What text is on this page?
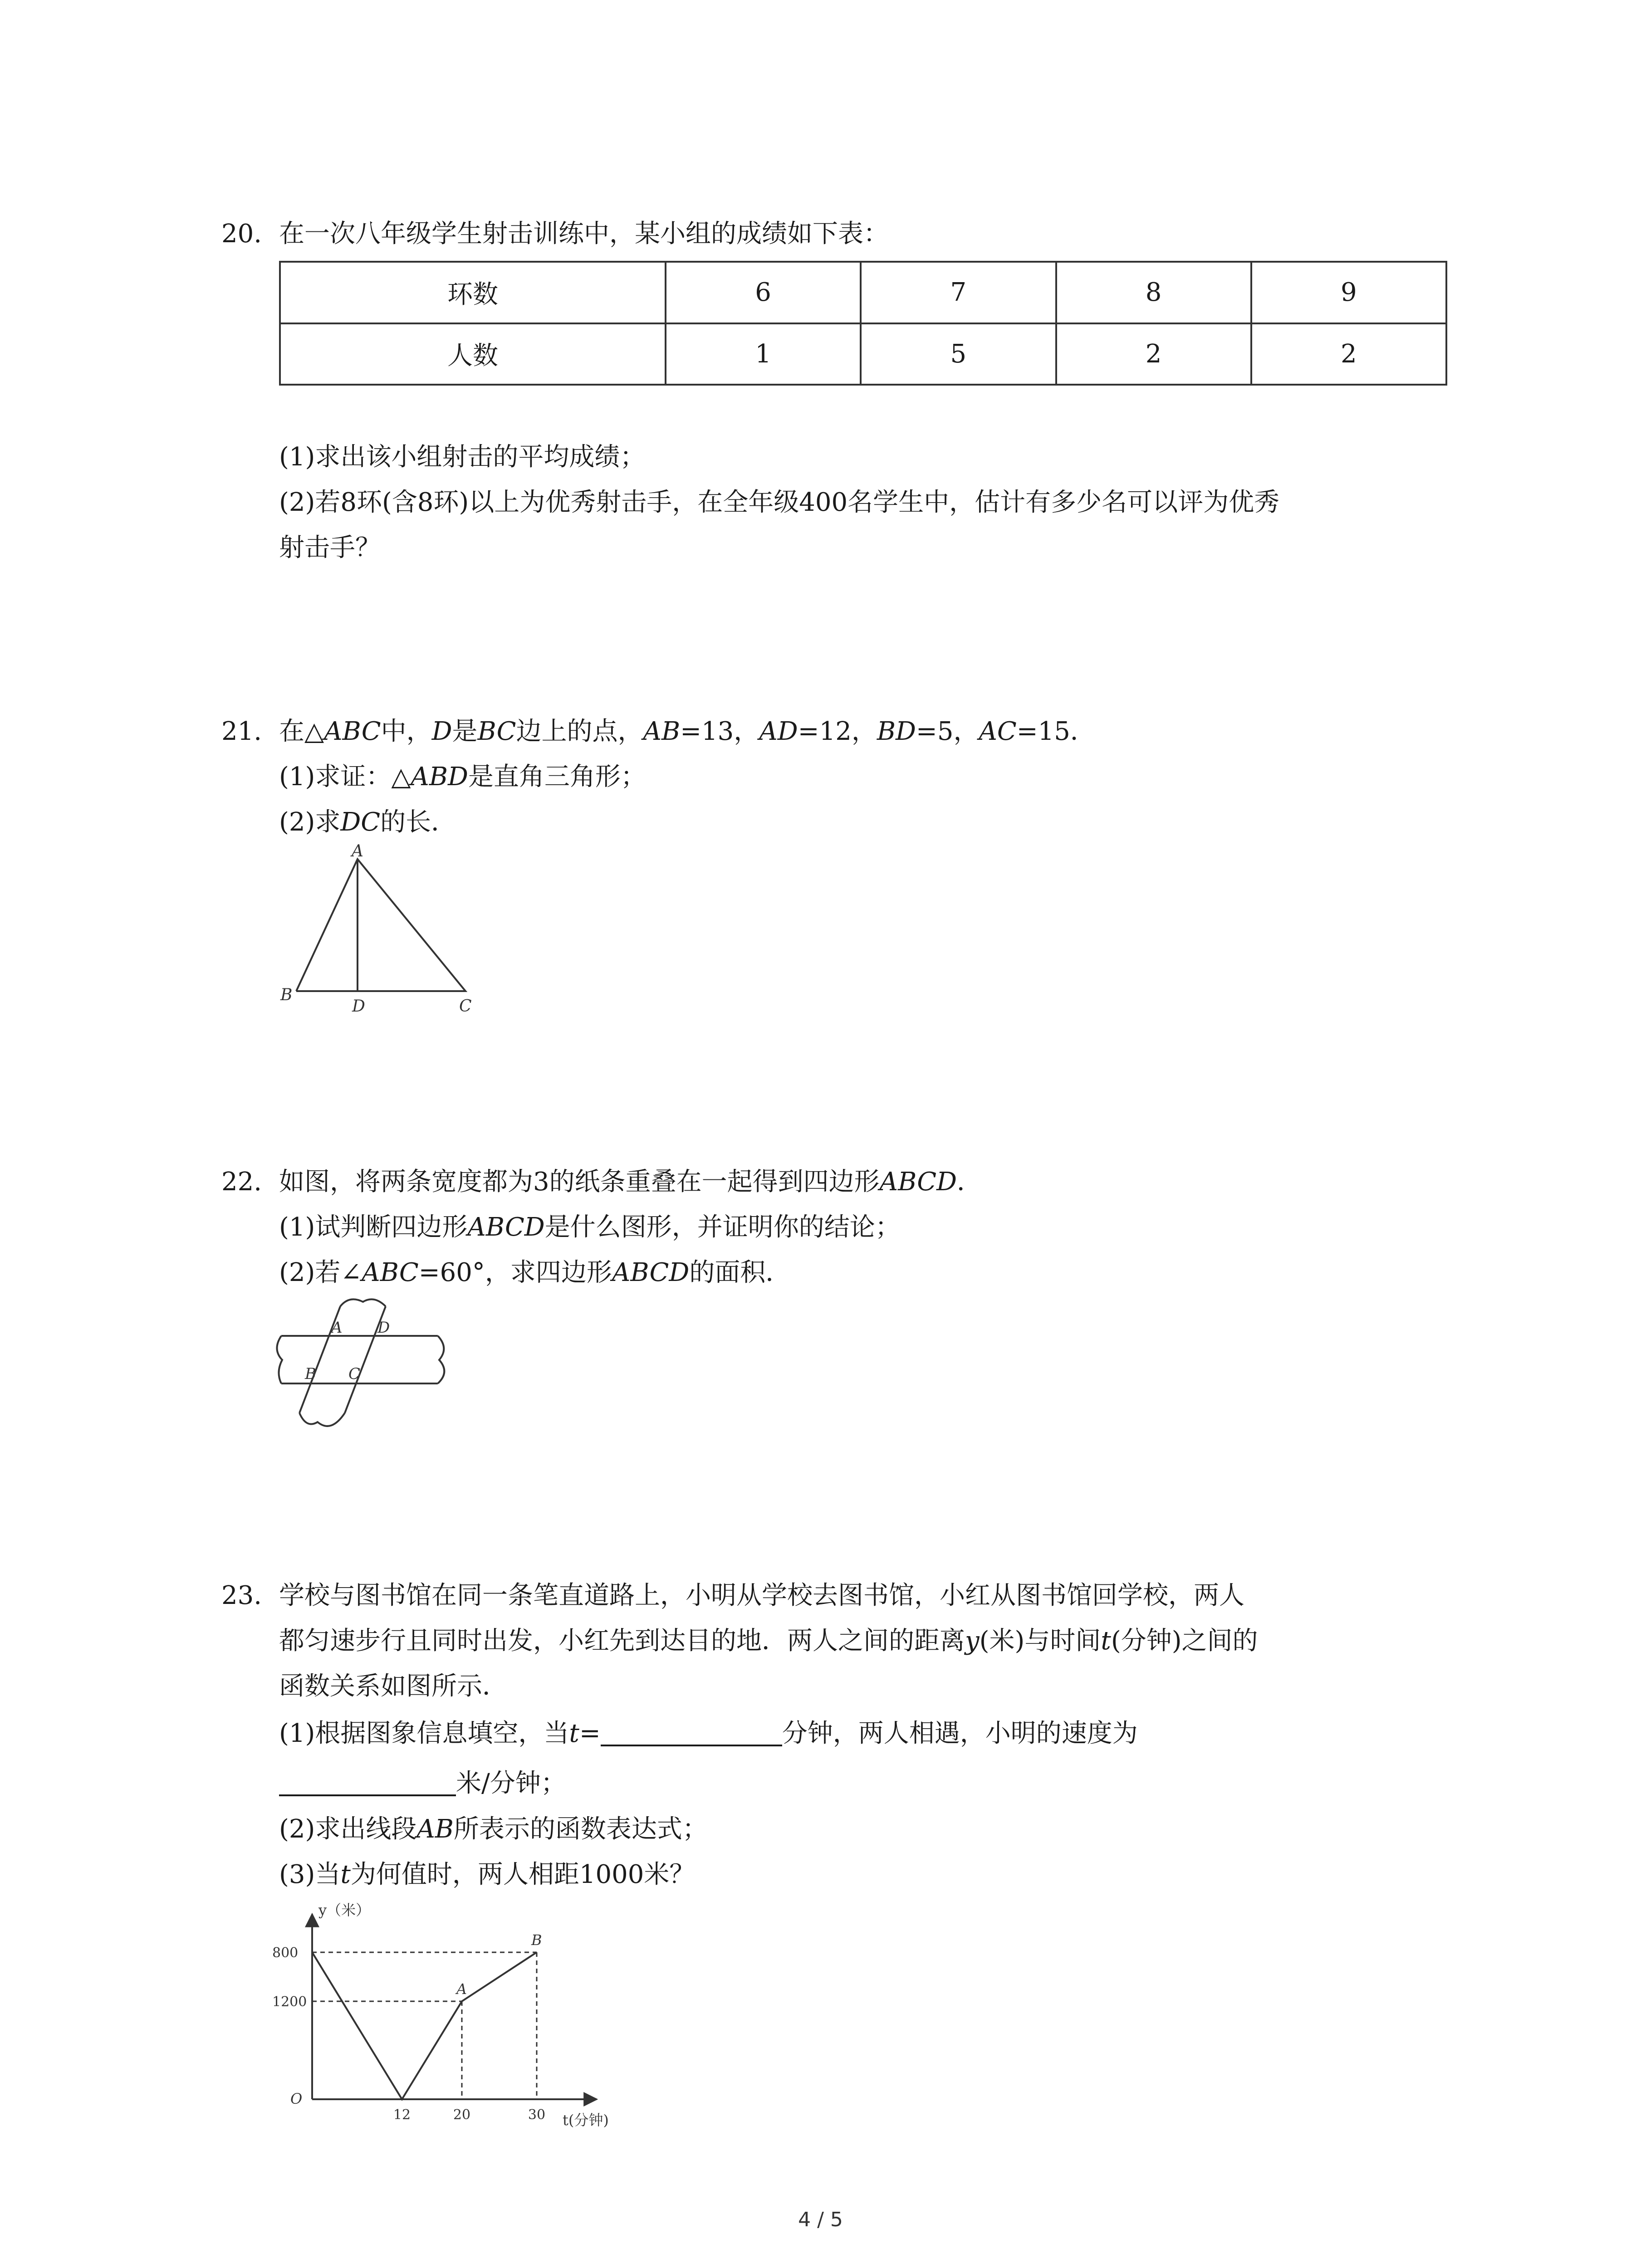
20. 在一次八年级学生射击训练中，某小组的成绩如下表：
环数	6	7	8	9
人数	1	5	2	2
(1)求出该小组射击的平均成绩；
(2)若8环(含8环)以上为优秀射击手，在全年级400名学生中，估计有多少名可以评为优秀
射击手？
21. 在△ABC中，D是BC边上的点，AB=13，AD=12，BD=5，AC=15．
(1)求证：△ABD是直角三角形；
(2)求DC的长．
A
B
D	C
22. 如图，将两条宽度都为3的纸条重叠在一起得到四边形ABCD．
(1)试判断四边形ABCD是什么图形，并证明你的结论；
(2)若∠ABC=60°，求四边形ABCD的面积．
A D
B C
23. 学校与图书馆在同一条笔直道路上，小明从学校去图书馆，小红从图书馆回学校，两人
都匀速步行且同时出发，小红先到达目的地．两人之间的距离y(米)与时间t(分钟)之间的
函数关系如图所示．
(1)根据图象信息填空，当t=	分钟，两人相遇，小明的速度为
米/分钟；
(2)求出线段AB所表示的函数表达式；
(3)当t为何值时，两人相距1000米？
y（米）
t(分钟)
O
1200
800
12	20	30
A
B
4 / 5
